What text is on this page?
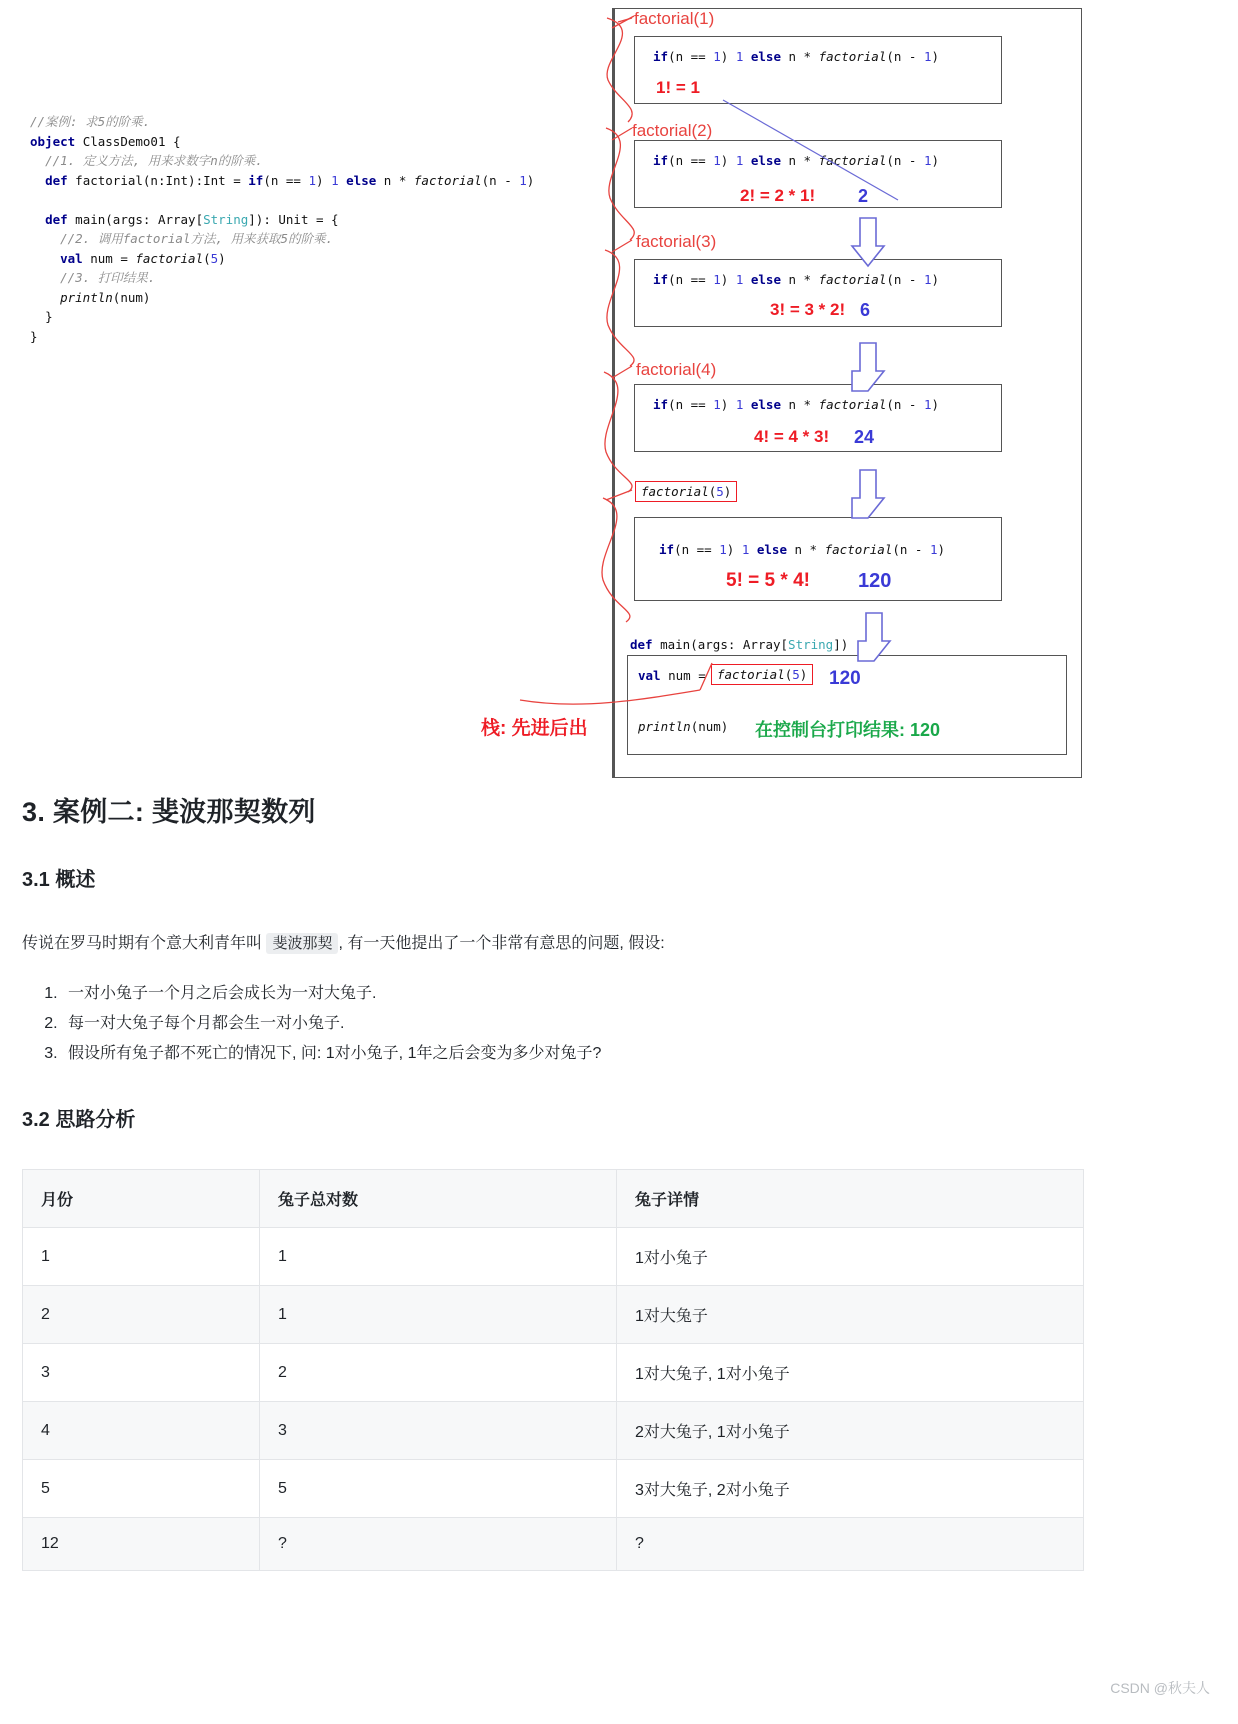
//案例: 求5的阶乘.
object ClassDemo01 {
//1. 定义方法, 用来求数字n的阶乘.
def factorial(n:Int):Int = if(n == 1) 1 else n * factorial(n - 1)

def main(args: Array[String]): Unit = {
//2. 调用factorial方法, 用来获取5的阶乘.
val num = factorial(5)
//3. 打印结果.
println(num)
}
}
factorial(1)
if(n == 1) 1 else n * factorial(n - 1)
1! = 1
factorial(2)
if(n == 1) 1 else n * factorial(n - 1)
2! = 2 * 1! 2
factorial(3)
if(n == 1) 1 else n * factorial(n - 1)
3! = 3 * 2! 6
factorial(4)
if(n == 1) 1 else n * factorial(n - 1)
4! = 4 * 3! 24
factorial(5)
if(n == 1) 1 else n * factorial(n - 1)
5! = 5 * 4! 120
def main(args: Array[String])
val num = factorial(5)	120
println(num) 在控制台打印结果: 120
栈: 先进后出
3. 案例二: 斐波那契数列
3.1 概述

传说在罗马时期有个意大利青年叫 斐波那契 , 有一天他提出了一个非常有意思的问题, 假设:

1. 一对小兔子一个月之后会成长为一对大兔子.
2. 每一对大兔子每个月都会生一对小兔子.
3. 假设所有兔子都不死亡的情况下, 问: 1对小兔子, 1年之后会变为多少对兔子?
3.2 思路分析
月份	兔子总对数	兔子详情
1	1	1对小兔子
2	1	1对大兔子
3	2	1对大兔子, 1对小兔子
4	3	2对大兔子, 1对小兔子
5	5	3对大兔子, 2对小兔子
12	?	?
CSDN @秋夫人
